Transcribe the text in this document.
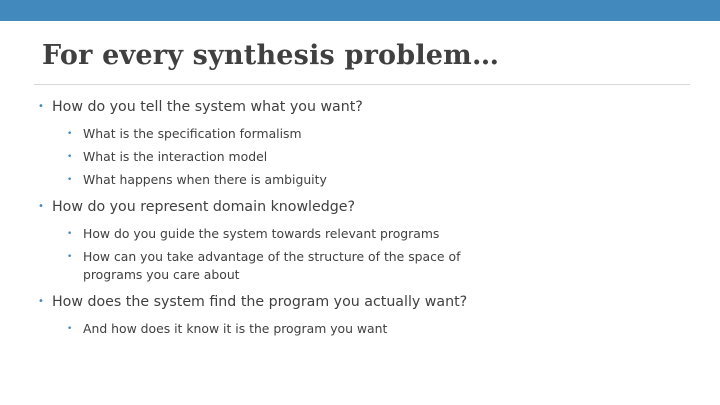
For every synthesis problem…
• How do you tell the system what you want?
• What is the specification formalism
• What is the interaction model
• What happens when there is ambiguity
• How do you represent domain knowledge?
• How do you guide the system towards relevant programs
• How can you take advantage of the structure of the space of programs you care about
• How does the system find the program you actually want?
• And how does it know it is the program you want
